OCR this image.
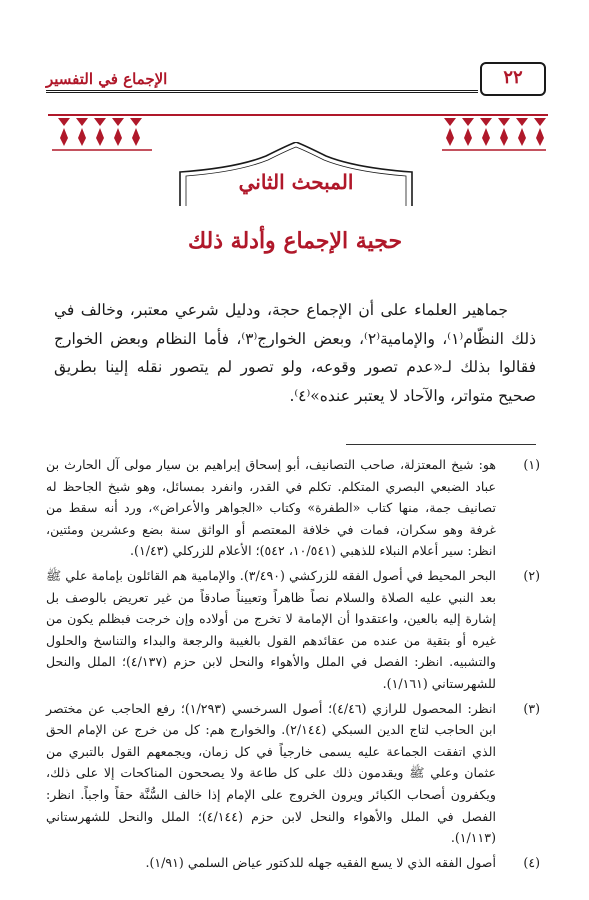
الإجماع في التفسير	٢٢
المبحث الثاني
حجية الإجماع وأدلة ذلك

جماهير العلماء على أن الإجماع حجة، ودليل شرعي معتبر، وخالف في ذلك النظّام⁽١⁾، والإمامية⁽٢⁾، وبعض الخوارج⁽٣⁾، فأما النظام وبعض الخوارج فقالوا بذلك لـ«عدم تصور وقوعه، ولو تصور لم يتصور نقله إلينا بطريق صحيح متواتر، والآحاد لا يعتبر عنده»⁽٤⁾.

(١)
هو: شيخ المعتزلة، صاحب التصانيف، أبو إسحاق إبراهيم بن سيار مولى آل الحارث بن عباد الضبعي البصري المتكلم. تكلم في القدر، وانفرد بمسائل، وهو شيخ الجاحظ له تصانيف جمة، منها كتاب «الطفرة» وكتاب «الجواهر والأعراض»، ورد أنه سقط من غرفة وهو سكران، فمات في خلافة المعتصم أو الواثق سنة بضع وعشرين ومئتين، انظر: سير أعلام النبلاء للذهبي (١٠/٥٤١، ٥٤٢)؛ الأعلام للزركلي (١/٤٣).
(٢)
البحر المحيط في أصول الفقه للزركشي (٣/٤٩٠). والإمامية هم القائلون بإمامة علي ﷺ بعد النبي عليه الصلاة والسلام نصاً ظاهراً وتعييناً صادقاً من غير تعريض بالوصف بل إشارة إليه بالعين، واعتقدوا أن الإمامة لا تخرج من أولاده وإن خرجت فبظلم يكون من غيره أو بتقية من عنده من عقائدهم القول بالغيبة والرجعة والبداء والتناسخ والحلول والتشبيه. انظر: الفصل في الملل والأهواء والنحل لابن حزم (٤/١٣٧)؛ الملل والنحل للشهرستاني (١/١٦١).
(٣)
انظر: المحصول للرازي (٤/٤٦)؛ أصول السرخسي (١/٢٩٣)؛ رفع الحاجب عن مختصر ابن الحاجب لتاج الدين السبكي (٢/١٤٤). والخوارج هم: كل من خرج عن الإمام الحق الذي اتفقت الجماعة عليه يسمى خارجياً في كل زمان، ويجمعهم القول بالتبري من عثمان وعلي ﷺ ويقدمون ذلك على كل طاعة ولا يصححون المناكحات إلا على ذلك، ويكفرون أصحاب الكبائر ويرون الخروج على الإمام إذا خالف السُّنَّة حقاً واجباً. انظر: الفصل في الملل والأهواء والنحل لابن حزم (٤/١٤٤)؛ الملل والنحل للشهرستاني (١/١١٣).
(٤)
أصول الفقه الذي لا يسع الفقيه جهله للدكتور عياض السلمي (١/٩١).
